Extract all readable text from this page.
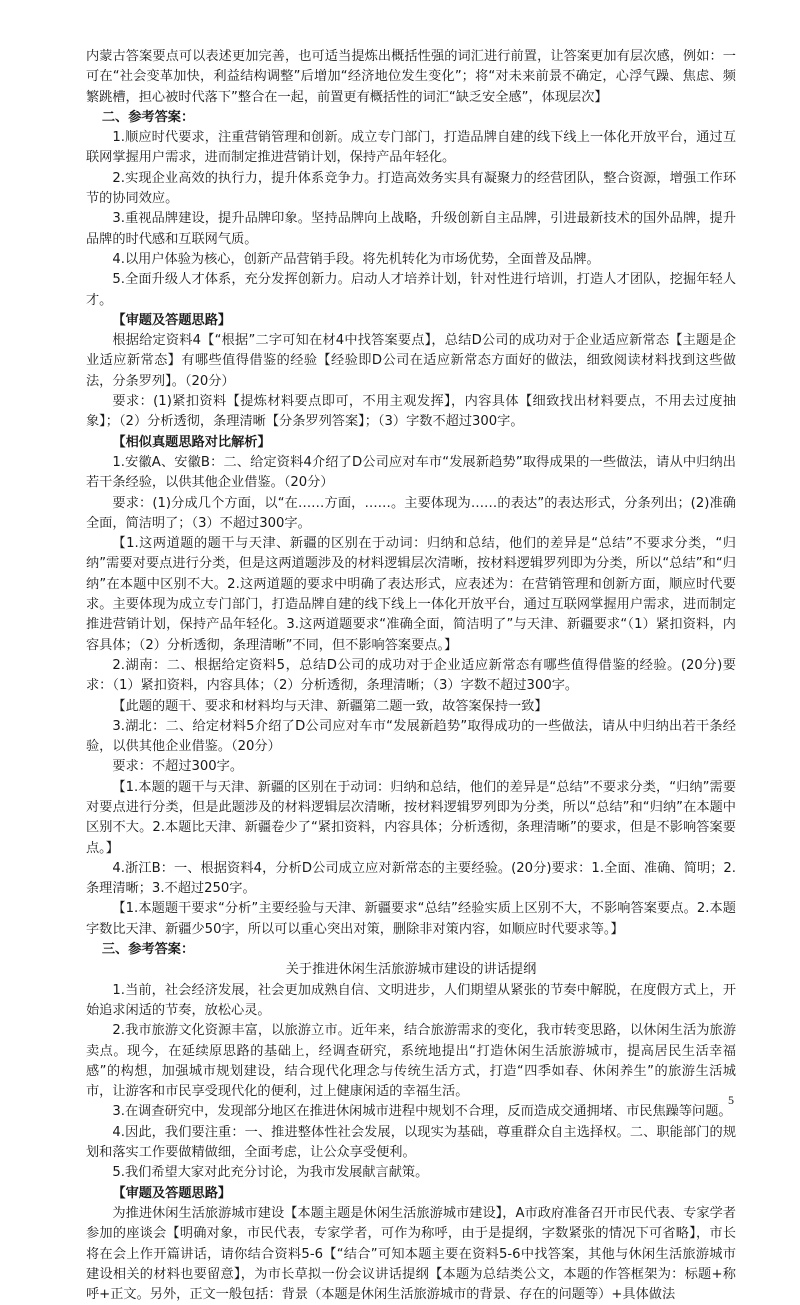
内蒙古答案要点可以表述更加完善，也可适当提炼出概括性强的词汇进行前置，让答案更加有层次感，例如：一可在“社会变革加快，利益结构调整”后增加“经济地位发生变化”；将“对未来前景不确定，心浮气躁、焦虑、频繁跳槽，担心被时代落下”整合在一起，前置更有概括性的词汇“缺乏安全感”，体现层次】

二、参考答案：

1.顺应时代要求，注重营销管理和创新。成立专门部门，打造品牌自建的线下线上一体化开放平台，通过互联网掌握用户需求，进而制定推进营销计划，保持产品年轻化。

2.实现企业高效的执行力，提升体系竞争力。打造高效务实具有凝聚力的经营团队，整合资源，增强工作环节的协同效应。

3.重视品牌建设，提升品牌印象。坚持品牌向上战略，升级创新自主品牌，引进最新技术的国外品牌，提升品牌的时代感和互联网气质。

4.以用户体验为核心，创新产品营销手段。将先机转化为市场优势，全面普及品牌。

5.全面升级人才体系，充分发挥创新力。启动人才培养计划，针对性进行培训，打造人才团队，挖掘年轻人才。

【审题及答题思路】

根据给定资料4【“根据”二字可知在材4中找答案要点】，总结D公司的成功对于企业适应新常态【主题是企业适应新常态】有哪些值得借鉴的经验【经验即D公司在适应新常态方面好的做法，细致阅读材料找到这些做法，分条罗列】。（20分）

要求：(1)紧扣资料【提炼材料要点即可，不用主观发挥】，内容具体【细致找出材料要点，不用去过度抽象】；（2）分析透彻，条理清晰【分条罗列答案】；（3）字数不超过300字。

【相似真题思路对比解析】

1.安徽A、安徽B：二、给定资料4介绍了D公司应对车市“发展新趋势”取得成果的一些做法，请从中归纳出若干条经验，以供其他企业借鉴。（20分）

要求：(1)分成几个方面，以“在……方面，……。主要体现为……的表达”的表达形式，分条列出；(2)准确全面，简洁明了；（3）不超过300字。

【1.这两道题的题干与天津、新疆的区别在于动词：归纳和总结，他们的差异是“总结”不要求分类，“归纳”需要对要点进行分类，但是这两道题涉及的材料逻辑层次清晰，按材料逻辑罗列即为分类，所以“总结”和“归纳”在本题中区别不大。2.这两道题的要求中明确了表达形式，应表述为：在营销管理和创新方面，顺应时代要求。主要体现为成立专门部门，打造品牌自建的线下线上一体化开放平台，通过互联网掌握用户需求，进而制定推进营销计划，保持产品年轻化。3.这两道题要求“准确全面，简洁明了”与天津、新疆要求“（1）紧扣资料，内容具体；（2）分析透彻，条理清晰”不同，但不影响答案要点。】

2.湖南：二、根据给定资料5，总结D公司的成功对于企业适应新常态有哪些值得借鉴的经验。(20分)要求：（1）紧扣资料，内容具体；（2）分析透彻，条理清晰；（3）字数不超过300字。

【此题的题干、要求和材料均与天津、新疆第二题一致，故答案保持一致】

3.湖北：二、给定材料5介绍了D公司应对车市“发展新趋势”取得成功的一些做法，请从中归纳出若干条经验，以供其他企业借鉴。（20分）

要求：不超过300字。

【1.本题的题干与天津、新疆的区别在于动词：归纳和总结，他们的差异是“总结”不要求分类，“归纳”需要对要点进行分类，但是此题涉及的材料逻辑层次清晰，按材料逻辑罗列即为分类，所以“总结”和“归纳”在本题中区别不大。2.本题比天津、新疆卷少了“紧扣资料，内容具体；分析透彻，条理清晰”的要求，但是不影响答案要点。】

4.浙江B：一、根据资料4，分析D公司成立应对新常态的主要经验。(20分)要求：1.全面、准确、简明；2.条理清晰；3.不超过250字。

【1.本题题干要求“分析”主要经验与天津、新疆要求“总结”经验实质上区别不大，不影响答案要点。2.本题字数比天津、新疆少50字，所以可以重心突出对策，删除非对策内容，如顺应时代要求等。】

三、参考答案：

关于推进休闲生活旅游城市建设的讲话提纲

1.当前，社会经济发展，社会更加成熟自信、文明进步，人们期望从紧张的节奏中解脱，在度假方式上，开始追求闲适的节奏，放松心灵。

2.我市旅游文化资源丰富，以旅游立市。近年来，结合旅游需求的变化，我市转变思路，以休闲生活为旅游卖点。现今，在延续原思路的基础上，经调查研究，系统地提出“打造休闲生活旅游城市，提高居民生活幸福感”的构想，加强城市规划建设，结合现代化理念与传统生活方式，打造“四季如春、休闲养生”的旅游生活城市，让游客和市民享受现代化的便利，过上健康闲适的幸福生活。

3.在调查研究中，发现部分地区在推进休闲城市进程中规划不合理，反而造成交通拥堵、市民焦躁等问题。

4.因此，我们要注重：一、推进整体性社会发展，以现实为基础，尊重群众自主选择权。二、职能部门的规划和落实工作要做精做细，全面考虑，让公众享受便利。

5.我们希望大家对此充分讨论，为我市发展献言献策。

【审题及答题思路】

为推进休闲生活旅游城市建设【本题主题是休闲生活旅游城市建设】，A市政府准备召开市民代表、专家学者参加的座谈会【明确对象，市民代表，专家学者，可作为称呼，由于是提纲，字数紧张的情况下可省略】，市长将在会上作开篇讲话，请你结合资料5-6【“结合”可知本题主要在资料5-6中找答案，其他与休闲生活旅游城市建设相关的材料也要留意】，为市长草拟一份会议讲话提纲【本题为总结类公文，本题的作答框架为：标题+称呼+正文。另外，正文一般包括：背景（本题是休闲生活旅游城市的背景、存在的问题等）+具体做法

5
